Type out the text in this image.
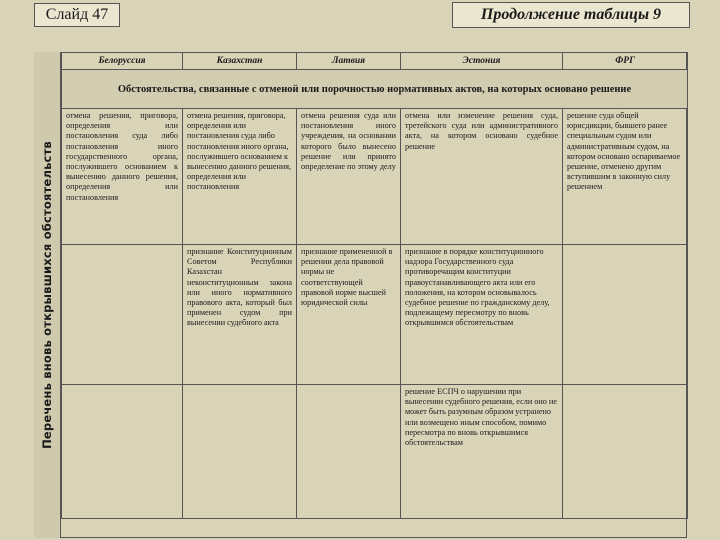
Слайд 47	Продолжение таблицы 9
Перечень вновь открывшихся обстоятельств
Белоруссия	Казахстан	Латвия	Эстония	ФРГ
Обстоятельства, связанные с отменой или порочностью нормативных актов, на которых основано решение				
отмена решения, приговора, определения или постановления суда либо постановления иного государственного органа, послужившего основанием к вынесению данного решения, определения или постановления	отмена решения, приговора, определения или постановления суда либо постановления иного органа, послужившего основанием к вынесению данного решения, определения или постановления	отмена решения суда или постановления иного учреждения, на основании которого было вынесено решение или принято определение по этому делу	отмена или изменение решения суда, третейского суда или административного акта, на котором основано судебное решение	решение суда общей юрисдикции, бывшего ранее специальным судом или административным судом, на котором основано оспариваемое решение, отменено другим вступившим в законную силу решением
	признание Конституционным Советом Республики Казахстан неконституционным закона или иного нормативного правового акта, который был применен судом при вынесении судебного акта	признание примененной в решении дела правовой нормы не соответствующей правовой норме высшей юридической силы	признание в порядке конституционного надзора Государственного суда противоречащим конституции правоустанавливающего акта или его положения, на котором основывалось судебное решение по гражданскому делу, подлежащему пересмотру по вновь открывшимся обстоятельствам	
			решение ЕСПЧ о нарушении при вынесении судебного решения, если оно не может быть разумным образом устранено или возмещено иным способом, помимо пересмотра по вновь открывшимся обстоятельствам	
